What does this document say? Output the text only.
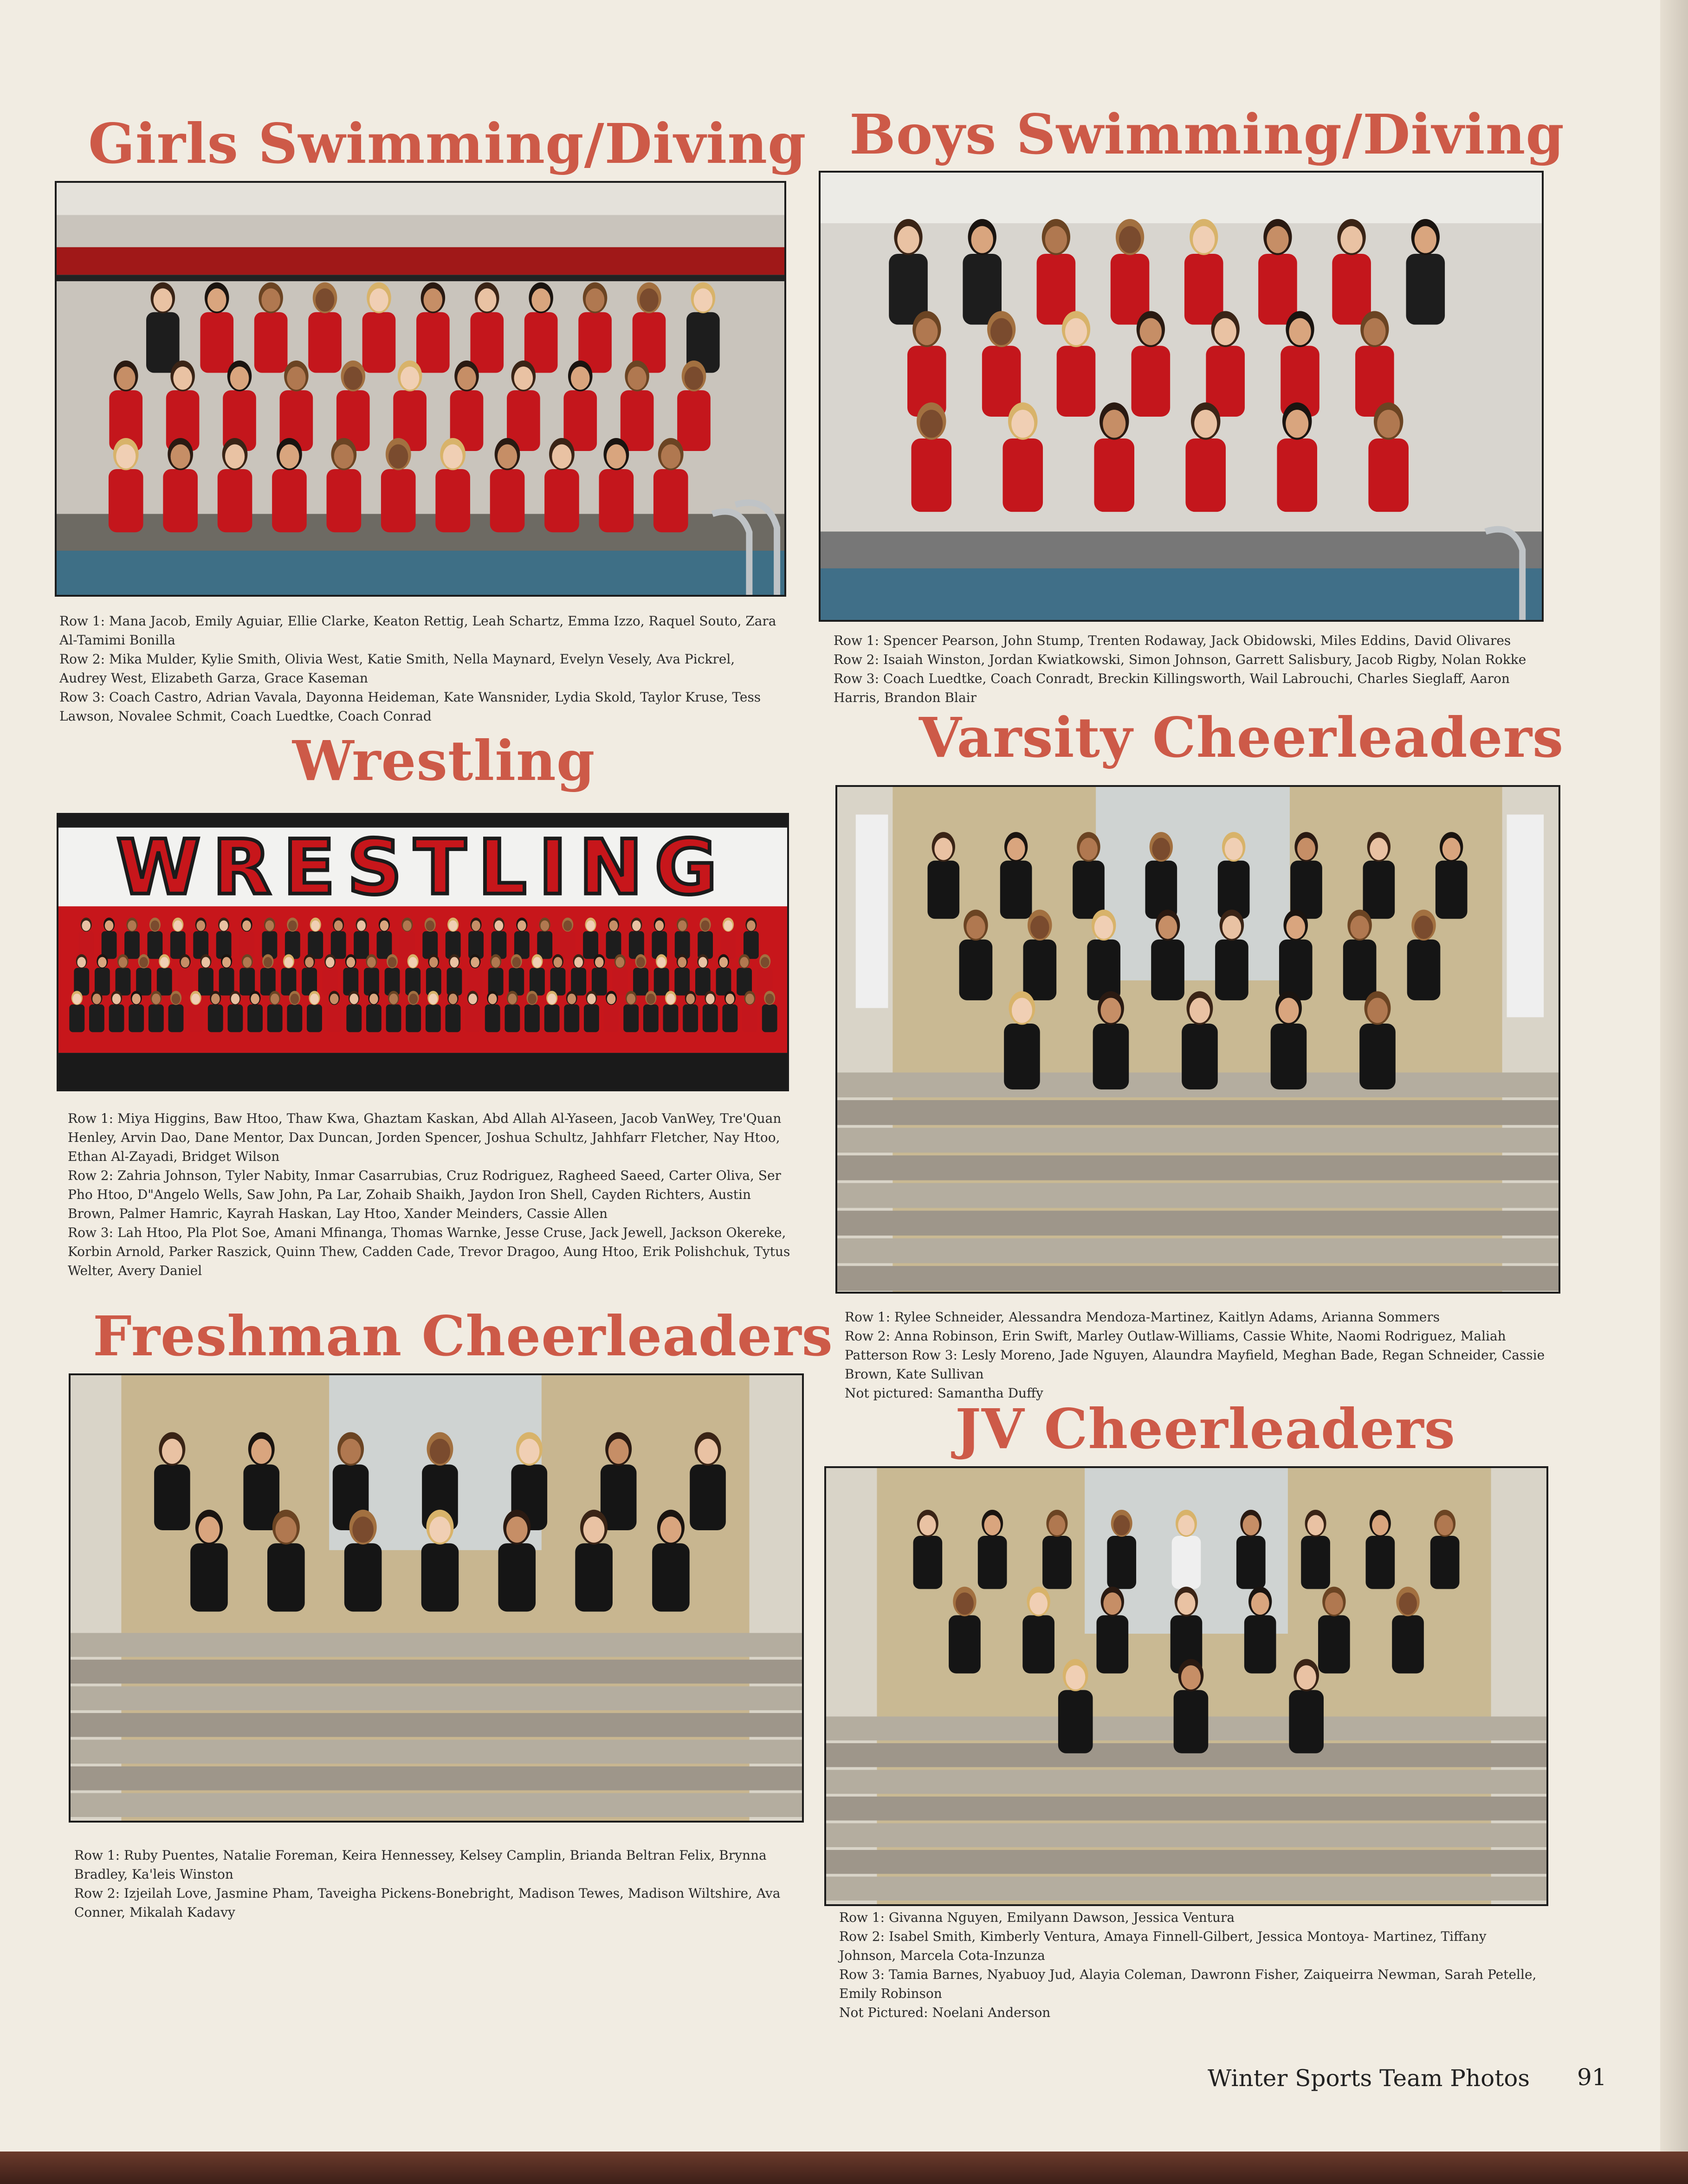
Girls Swimming/Diving

Row 1: Mana Jacob, Emily Aguiar, Ellie Clarke, Keaton Rettig, Leah Schartz, Emma Izzo, Raquel Souto, Zara Al-Tamimi Bonilla

Row 2: Mika Mulder, Kylie Smith, Olivia West, Katie Smith, Nella Maynard, Evelyn Vesely, Ava Pickrel, Audrey West, Elizabeth Garza, Grace Kaseman

Row 3: Coach Castro, Adrian Vavala, Dayonna Heideman, Kate Wansnider, Lydia Skold, Taylor Kruse, Tess Lawson, Novalee Schmit, Coach Luedtke, Coach Conrad

Boys Swimming/Diving

Row 1: Spencer Pearson, John Stump, Trenten Rodaway, Jack Obidowski, Miles Eddins, David Olivares

Row 2: Isaiah Winston, Jordan Kwiatkowski, Simon Johnson, Garrett Salisbury, Jacob Rigby, Nolan Rokke

Row 3: Coach Luedtke, Coach Conradt, Breckin Killingsworth, Wail Labrouchi, Charles Sieglaff, Aaron Harris, Brandon Blair

Wrestling
WRESTLING

Row 1: Miya Higgins, Baw Htoo, Thaw Kwa, Ghaztam Kaskan, Abd Allah Al-Yaseen, Jacob VanWey, Tre'Quan Henley, Arvin Dao, Dane Mentor, Dax Duncan, Jorden Spencer, Joshua Schultz, Jahhfarr Fletcher, Nay Htoo, Ethan Al-Zayadi, Bridget Wilson

Row 2: Zahria Johnson, Tyler Nabity, Inmar Casarrubias, Cruz Rodriguez, Ragheed Saeed, Carter Oliva, Ser Pho Htoo, D"Angelo Wells, Saw John, Pa Lar, Zohaib Shaikh, Jaydon Iron Shell, Cayden Richters, Austin Brown, Palmer Hamric, Kayrah Haskan, Lay Htoo, Xander Meinders, Cassie Allen

Row 3: Lah Htoo, Pla Plot Soe, Amani Mfinanga, Thomas Warnke, Jesse Cruse, Jack Jewell, Jackson Okereke, Korbin Arnold, Parker Raszick, Quinn Thew, Cadden Cade, Trevor Dragoo, Aung Htoo, Erik Polishchuk, Tytus Welter, Avery Daniel

Varsity Cheerleaders

Row 1: Rylee Schneider, Alessandra Mendoza-Martinez, Kaitlyn Adams, Arianna Sommers

Row 2: Anna Robinson, Erin Swift, Marley Outlaw-Williams, Cassie White, Naomi Rodriguez, Maliah Patterson Row 3: Lesly Moreno, Jade Nguyen, Alaundra Mayfield, Meghan Bade, Regan Schneider, Cassie Brown, Kate Sullivan

Not pictured: Samantha Duffy

Freshman Cheerleaders

Row 1: Ruby Puentes, Natalie Foreman, Keira Hennessey, Kelsey Camplin, Brianda Beltran Felix, Brynna Bradley, Ka'leis Winston

Row 2: Izjeilah Love, Jasmine Pham, Taveigha Pickens-Bonebright, Madison Tewes, Madison Wiltshire, Ava Conner, Mikalah Kadavy

JV Cheerleaders

Row 1: Givanna Nguyen, Emilyann Dawson, Jessica Ventura

Row 2: Isabel Smith, Kimberly Ventura, Amaya Finnell-Gilbert, Jessica Montoya- Martinez, Tiffany Johnson, Marcela Cota-Inzunza

Row 3: Tamia Barnes, Nyabuoy Jud, Alayia Coleman, Dawronn Fisher, Zaiqueirra Newman, Sarah Petelle, Emily Robinson

Not Pictured: Noelani Anderson

Winter Sports Team Photos 91
